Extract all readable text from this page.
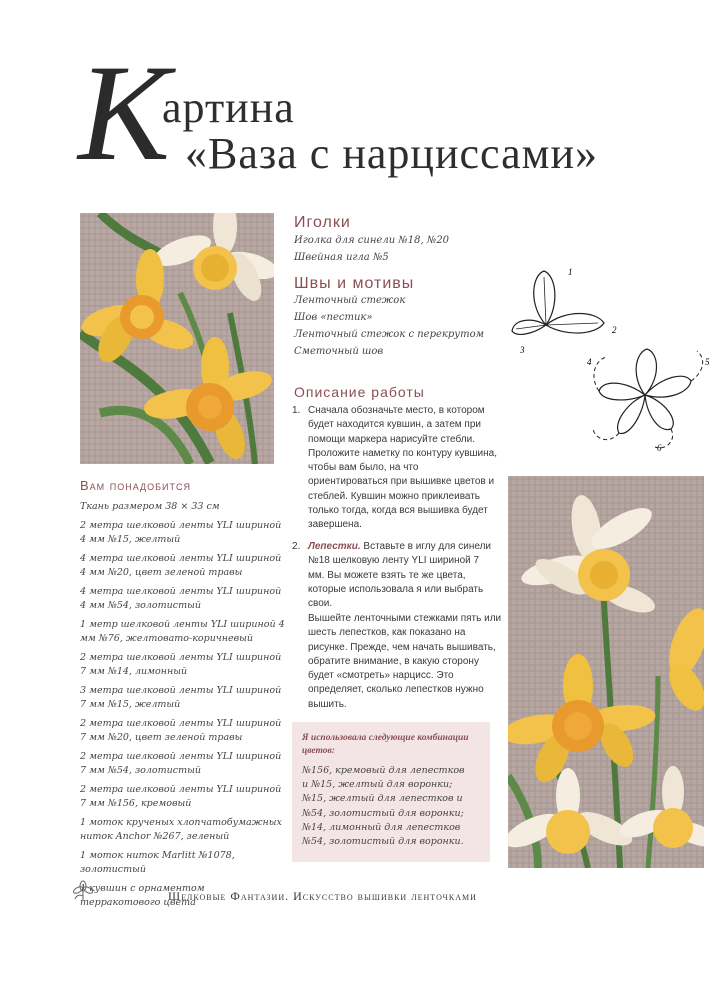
К
артина
«Ваза с нарциссами»
Иголки
Иголка для синели №18, №20
Швейная игла №5
Швы и мотивы
Ленточный стежок
Шов «пестик»
Ленточный стежок с перекрутом
Сметочный шов
1
2
3
4	5
6
Описание работы
1. Сначала обозначьте место, в котором будет находится кувшин, а затем при помощи маркера нарисуйте стебли. Проложите наметку по контуру кувшина, чтобы вам было, на что ориентироваться при вышивке цветов и стеблей. Кувшин можно приклеивать только тогда, когда вся вышивка будет завершена.
2. Лепестки. Вставьте в иглу для синели №18 шелковую ленту YLI шириной 7 мм. Вы можете взять те же цвета, которые использовала я или выбрать свои.
Вышейте ленточными стежками пять или шесть лепестков, как показано на рисунке. Прежде, чем начать вышивать, обратите внимание, в какую сторону будет «смотреть» нарцисс. Это определяет, сколько лепестков нужно вышить.
Вам понадобится
Ткань размером 38 × 33 см
2 метра шелковой ленты YLI шириной 4 мм №15, желтый
4 метра шелковой ленты YLI шириной 4 мм №20, цвет зеленой травы
4 метра шелковой ленты YLI шириной 4 мм №54, золотистый
1 метр шелковой ленты YLI шириной 4 мм №76, желтовато-коричневый
2 метра шелковой ленты YLI шириной 7 мм №14, лимонный
3 метра шелковой ленты YLI шириной 7 мм №15, желтый
2 метра шелковой ленты YLI шириной 7 мм №20, цвет зеленой травы
2 метра шелковой ленты YLI шириной 7 мм №54, золотистый
2 метра шелковой ленты YLI шириной 7 мм №156, кремовый
1 моток крученых хлопчатобумажных ниток Anchor №267, зеленый
1 моток ниток Marlitt №1078, золотистый
1 кувшин с орнаментом терракотового цвета
Я использовала следующие комбинации цветов:
№156, кремовый для лепестков
и №15, желтый для воронки;
№15, желтый для лепестков и
№54, золотистый для воронки;
№14, лимонный для лепестков
№54, золотистый для воронки.
Шелковые Фантазии. Искусство вышивки ленточками
